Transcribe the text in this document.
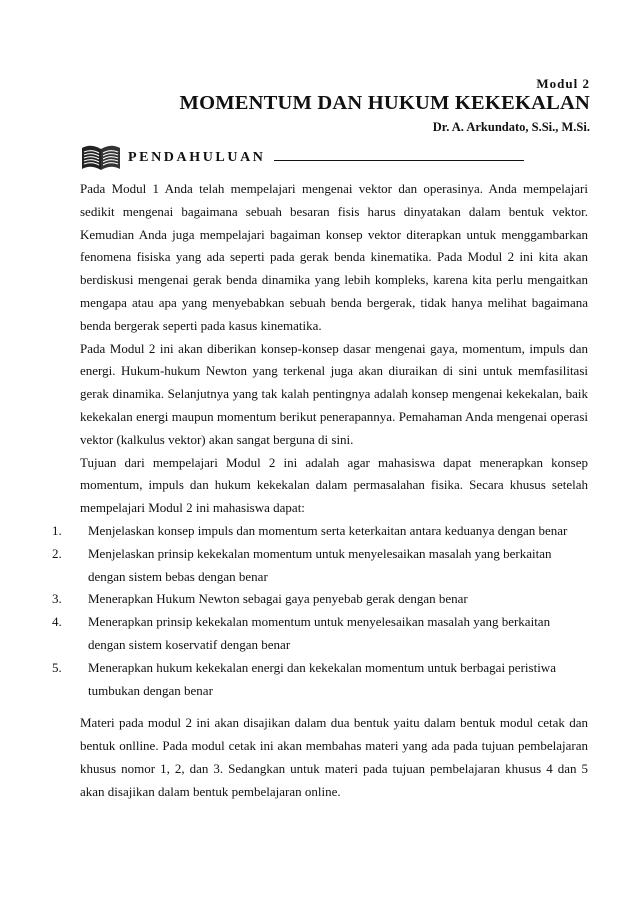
Modul 2
MOMENTUM DAN HUKUM KEKEKALAN
Dr. A. Arkundato, S.Si., M.Si.
PENDAHULUAN

Pada Modul 1 Anda telah mempelajari mengenai vektor dan operasinya. Anda mempelajari sedikit mengenai bagaimana sebuah besaran fisis harus dinyatakan dalam bentuk vektor. Kemudian Anda juga mempelajari bagaiman konsep vektor diterapkan untuk menggambarkan fenomena fisiska yang ada seperti pada gerak benda kinematika. Pada Modul 2 ini kita akan berdiskusi mengenai gerak benda dinamika yang lebih kompleks, karena kita perlu mengaitkan mengapa atau apa yang menyebabkan sebuah benda bergerak, tidak hanya melihat bagaimana benda bergerak seperti pada kasus kinematika.

Pada Modul 2 ini akan diberikan konsep-konsep dasar mengenai gaya, momentum, impuls dan energi. Hukum-hukum Newton yang terkenal juga akan diuraikan di sini untuk memfasilitasi gerak dinamika. Selanjutnya yang tak kalah pentingnya adalah konsep mengenai kekekalan, baik kekekalan energi maupun momentum berikut penerapannya. Pemahaman Anda mengenai operasi vektor (kalkulus vektor) akan sangat berguna di sini.

Tujuan dari mempelajari Modul 2 ini adalah agar mahasiswa dapat menerapkan konsep momentum, impuls dan hukum kekekalan dalam permasalahan fisika. Secara khusus setelah mempelajari Modul 2 ini mahasiswa dapat:

1. Menjelaskan konsep impuls dan momentum serta keterkaitan antara keduanya dengan benar
2. Menjelaskan prinsip kekekalan momentum untuk menyelesaikan masalah yang berkaitan dengan sistem bebas dengan benar
3. Menerapkan Hukum Newton sebagai gaya penyebab gerak dengan benar
4. Menerapkan prinsip kekekalan momentum untuk menyelesaikan masalah yang berkaitan dengan sistem koservatif dengan benar
5. Menerapkan hukum kekekalan energi dan kekekalan momentum untuk berbagai peristiwa tumbukan dengan benar

Materi pada modul 2 ini akan disajikan dalam dua bentuk yaitu dalam bentuk modul cetak dan bentuk onlline. Pada modul cetak ini akan membahas materi yang ada pada tujuan pembelajaran khusus nomor 1, 2, dan 3. Sedangkan untuk materi pada tujuan pembelajaran khusus 4 dan 5 akan disajikan dalam bentuk pembelajaran online.
